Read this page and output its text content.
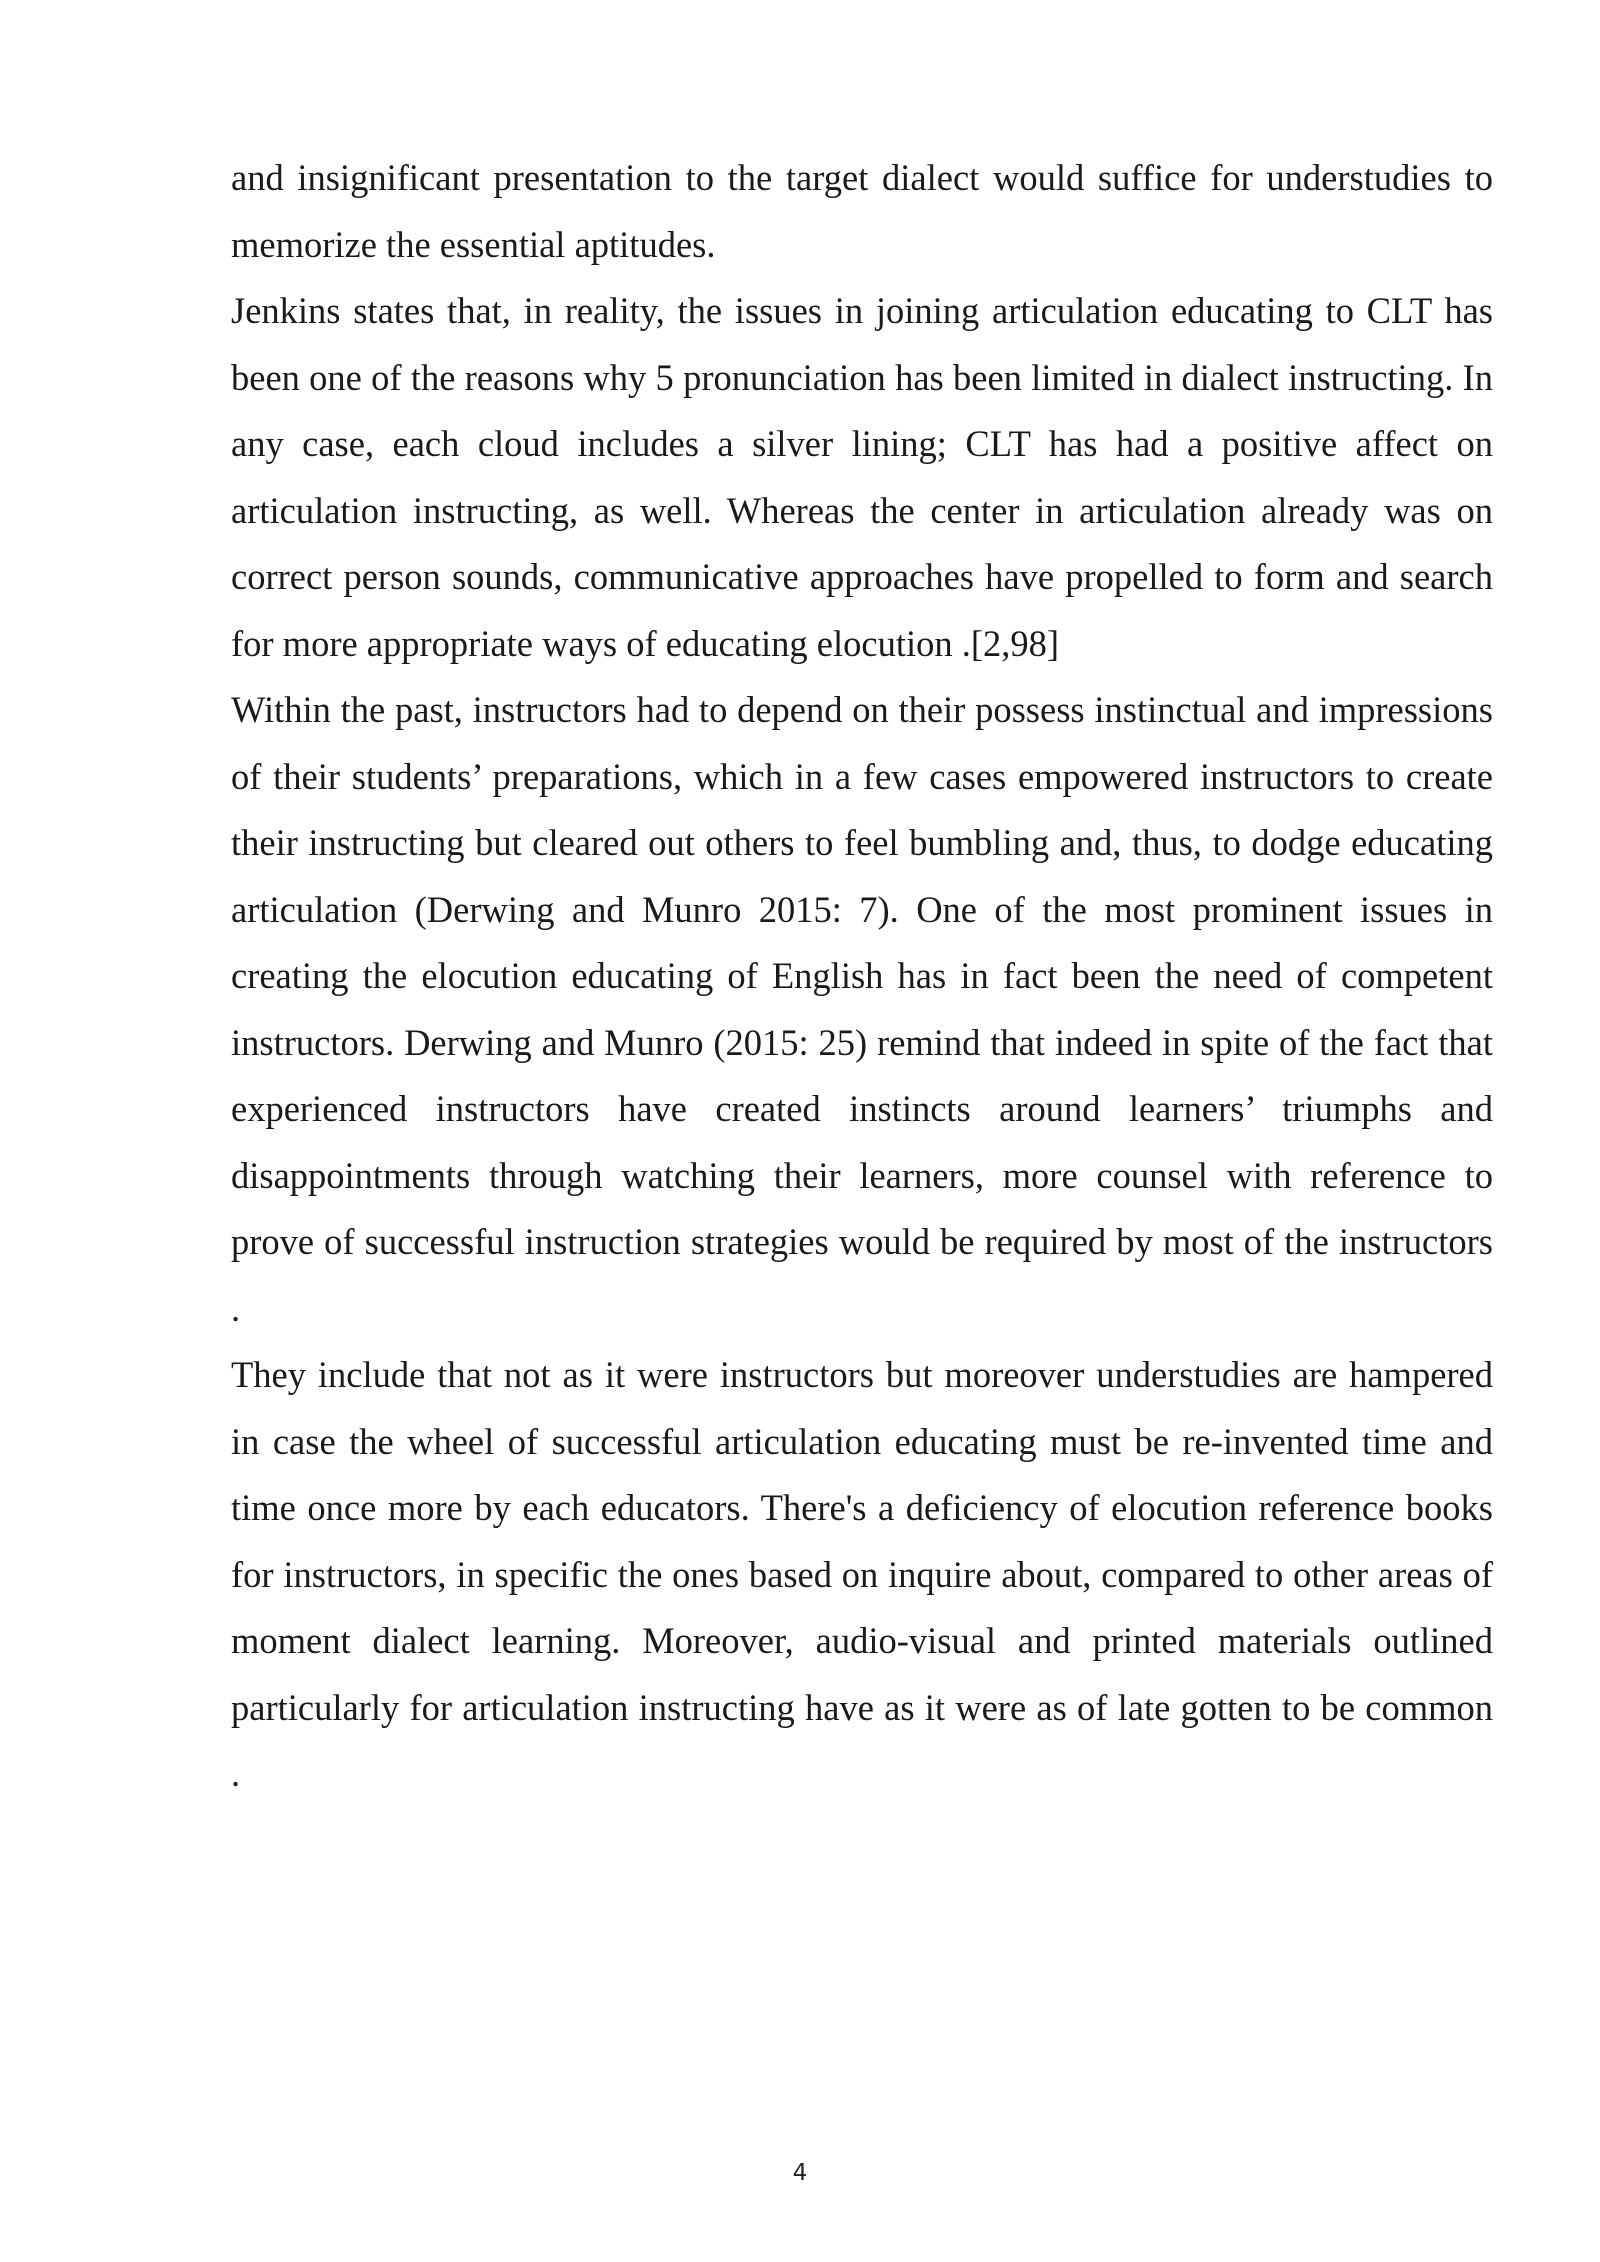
and insignificant presentation to the target dialect would suffice for understudies to memorize the essential aptitudes.

Jenkins states that, in reality, the issues in joining articulation educating to CLT has been one of the reasons why 5 pronunciation has been limited in dialect instructing. In any case, each cloud includes a silver lining; CLT has had a positive affect on articulation instructing, as well. Whereas the center in articulation already was on correct person sounds, communicative approaches have propelled to form and search for more appropriate ways of educating elocution .[2,98]

Within the past, instructors had to depend on their possess instinctual and impressions of their students’ preparations, which in a few cases empowered instructors to create their instructing but cleared out others to feel bumbling and, thus, to dodge educating articulation (Derwing and Munro 2015: 7). One of the most prominent issues in creating the elocution educating of English has in fact been the need of competent instructors. Derwing and Munro (2015: 25) remind that indeed in spite of the fact that experienced instructors have created instincts around learners’ triumphs and disappointments through watching their learners, more counsel with reference to prove of successful instruction strategies would be required by most of the instructors .

They include that not as it were instructors but moreover understudies are hampered in case the wheel of successful articulation educating must be re-invented time and time once more by each educators. There's a deficiency of elocution reference books for instructors, in specific the ones based on inquire about, compared to other areas of moment dialect learning. Moreover, audio-visual and printed materials outlined particularly for articulation instructing have as it were as of late gotten to be common .

4
